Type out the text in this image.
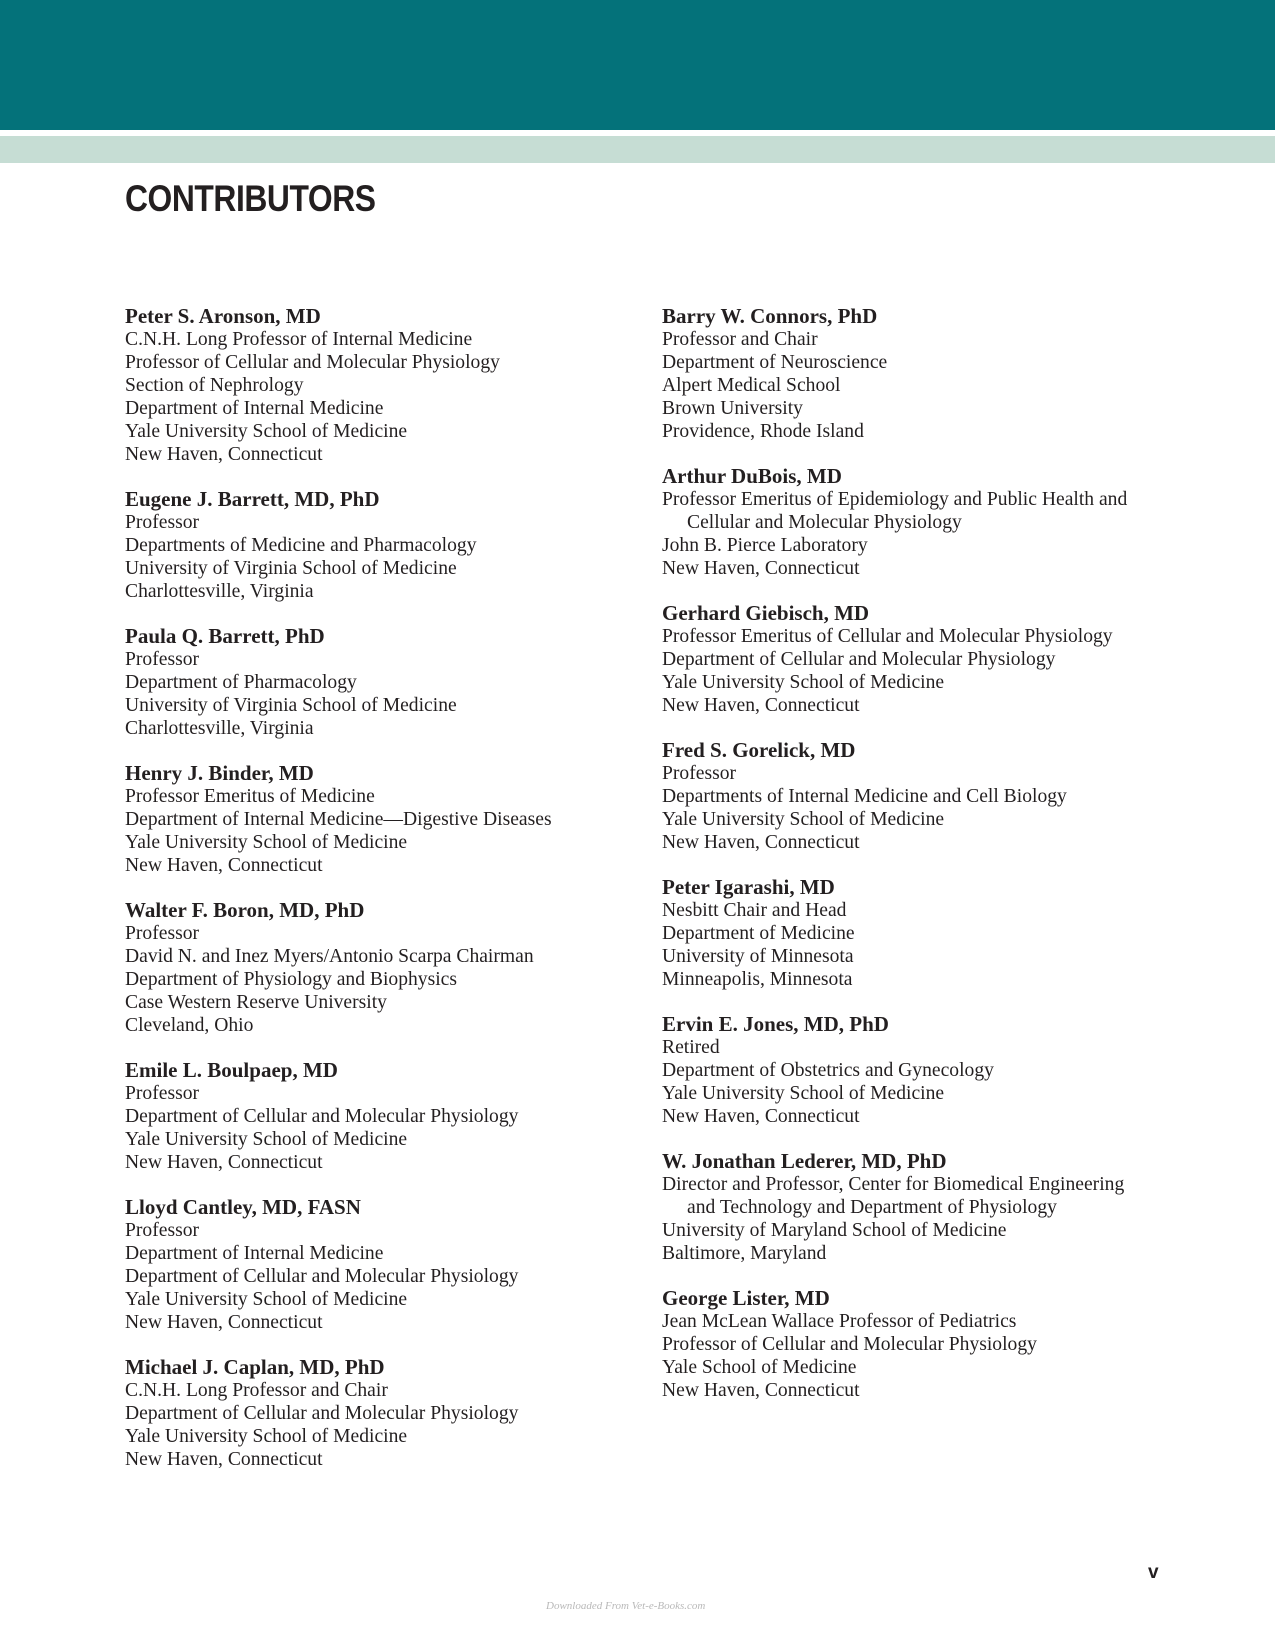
CONTRIBUTORS
Peter S. Aronson, MD
C.N.H. Long Professor of Internal Medicine
Professor of Cellular and Molecular Physiology
Section of Nephrology
Department of Internal Medicine
Yale University School of Medicine
New Haven, Connecticut
Eugene J. Barrett, MD, PhD
Professor
Departments of Medicine and Pharmacology
University of Virginia School of Medicine
Charlottesville, Virginia
Paula Q. Barrett, PhD
Professor
Department of Pharmacology
University of Virginia School of Medicine
Charlottesville, Virginia
Henry J. Binder, MD
Professor Emeritus of Medicine
Department of Internal Medicine—Digestive Diseases
Yale University School of Medicine
New Haven, Connecticut
Walter F. Boron, MD, PhD
Professor
David N. and Inez Myers/Antonio Scarpa Chairman
Department of Physiology and Biophysics
Case Western Reserve University
Cleveland, Ohio
Emile L. Boulpaep, MD
Professor
Department of Cellular and Molecular Physiology
Yale University School of Medicine
New Haven, Connecticut
Lloyd Cantley, MD, FASN
Professor
Department of Internal Medicine
Department of Cellular and Molecular Physiology
Yale University School of Medicine
New Haven, Connecticut
Michael J. Caplan, MD, PhD
C.N.H. Long Professor and Chair
Department of Cellular and Molecular Physiology
Yale University School of Medicine
New Haven, Connecticut
Barry W. Connors, PhD
Professor and Chair
Department of Neuroscience
Alpert Medical School
Brown University
Providence, Rhode Island
Arthur DuBois, MD
Professor Emeritus of Epidemiology and Public Health and
Cellular and Molecular Physiology
John B. Pierce Laboratory
New Haven, Connecticut
Gerhard Giebisch, MD
Professor Emeritus of Cellular and Molecular Physiology
Department of Cellular and Molecular Physiology
Yale University School of Medicine
New Haven, Connecticut
Fred S. Gorelick, MD
Professor
Departments of Internal Medicine and Cell Biology
Yale University School of Medicine
New Haven, Connecticut
Peter Igarashi, MD
Nesbitt Chair and Head
Department of Medicine
University of Minnesota
Minneapolis, Minnesota
Ervin E. Jones, MD, PhD
Retired
Department of Obstetrics and Gynecology
Yale University School of Medicine
New Haven, Connecticut
W. Jonathan Lederer, MD, PhD
Director and Professor, Center for Biomedical Engineering
and Technology and Department of Physiology
University of Maryland School of Medicine
Baltimore, Maryland
George Lister, MD
Jean McLean Wallace Professor of Pediatrics
Professor of Cellular and Molecular Physiology
Yale School of Medicine
New Haven, Connecticut
v
Downloaded From Vet-e-Books.com
